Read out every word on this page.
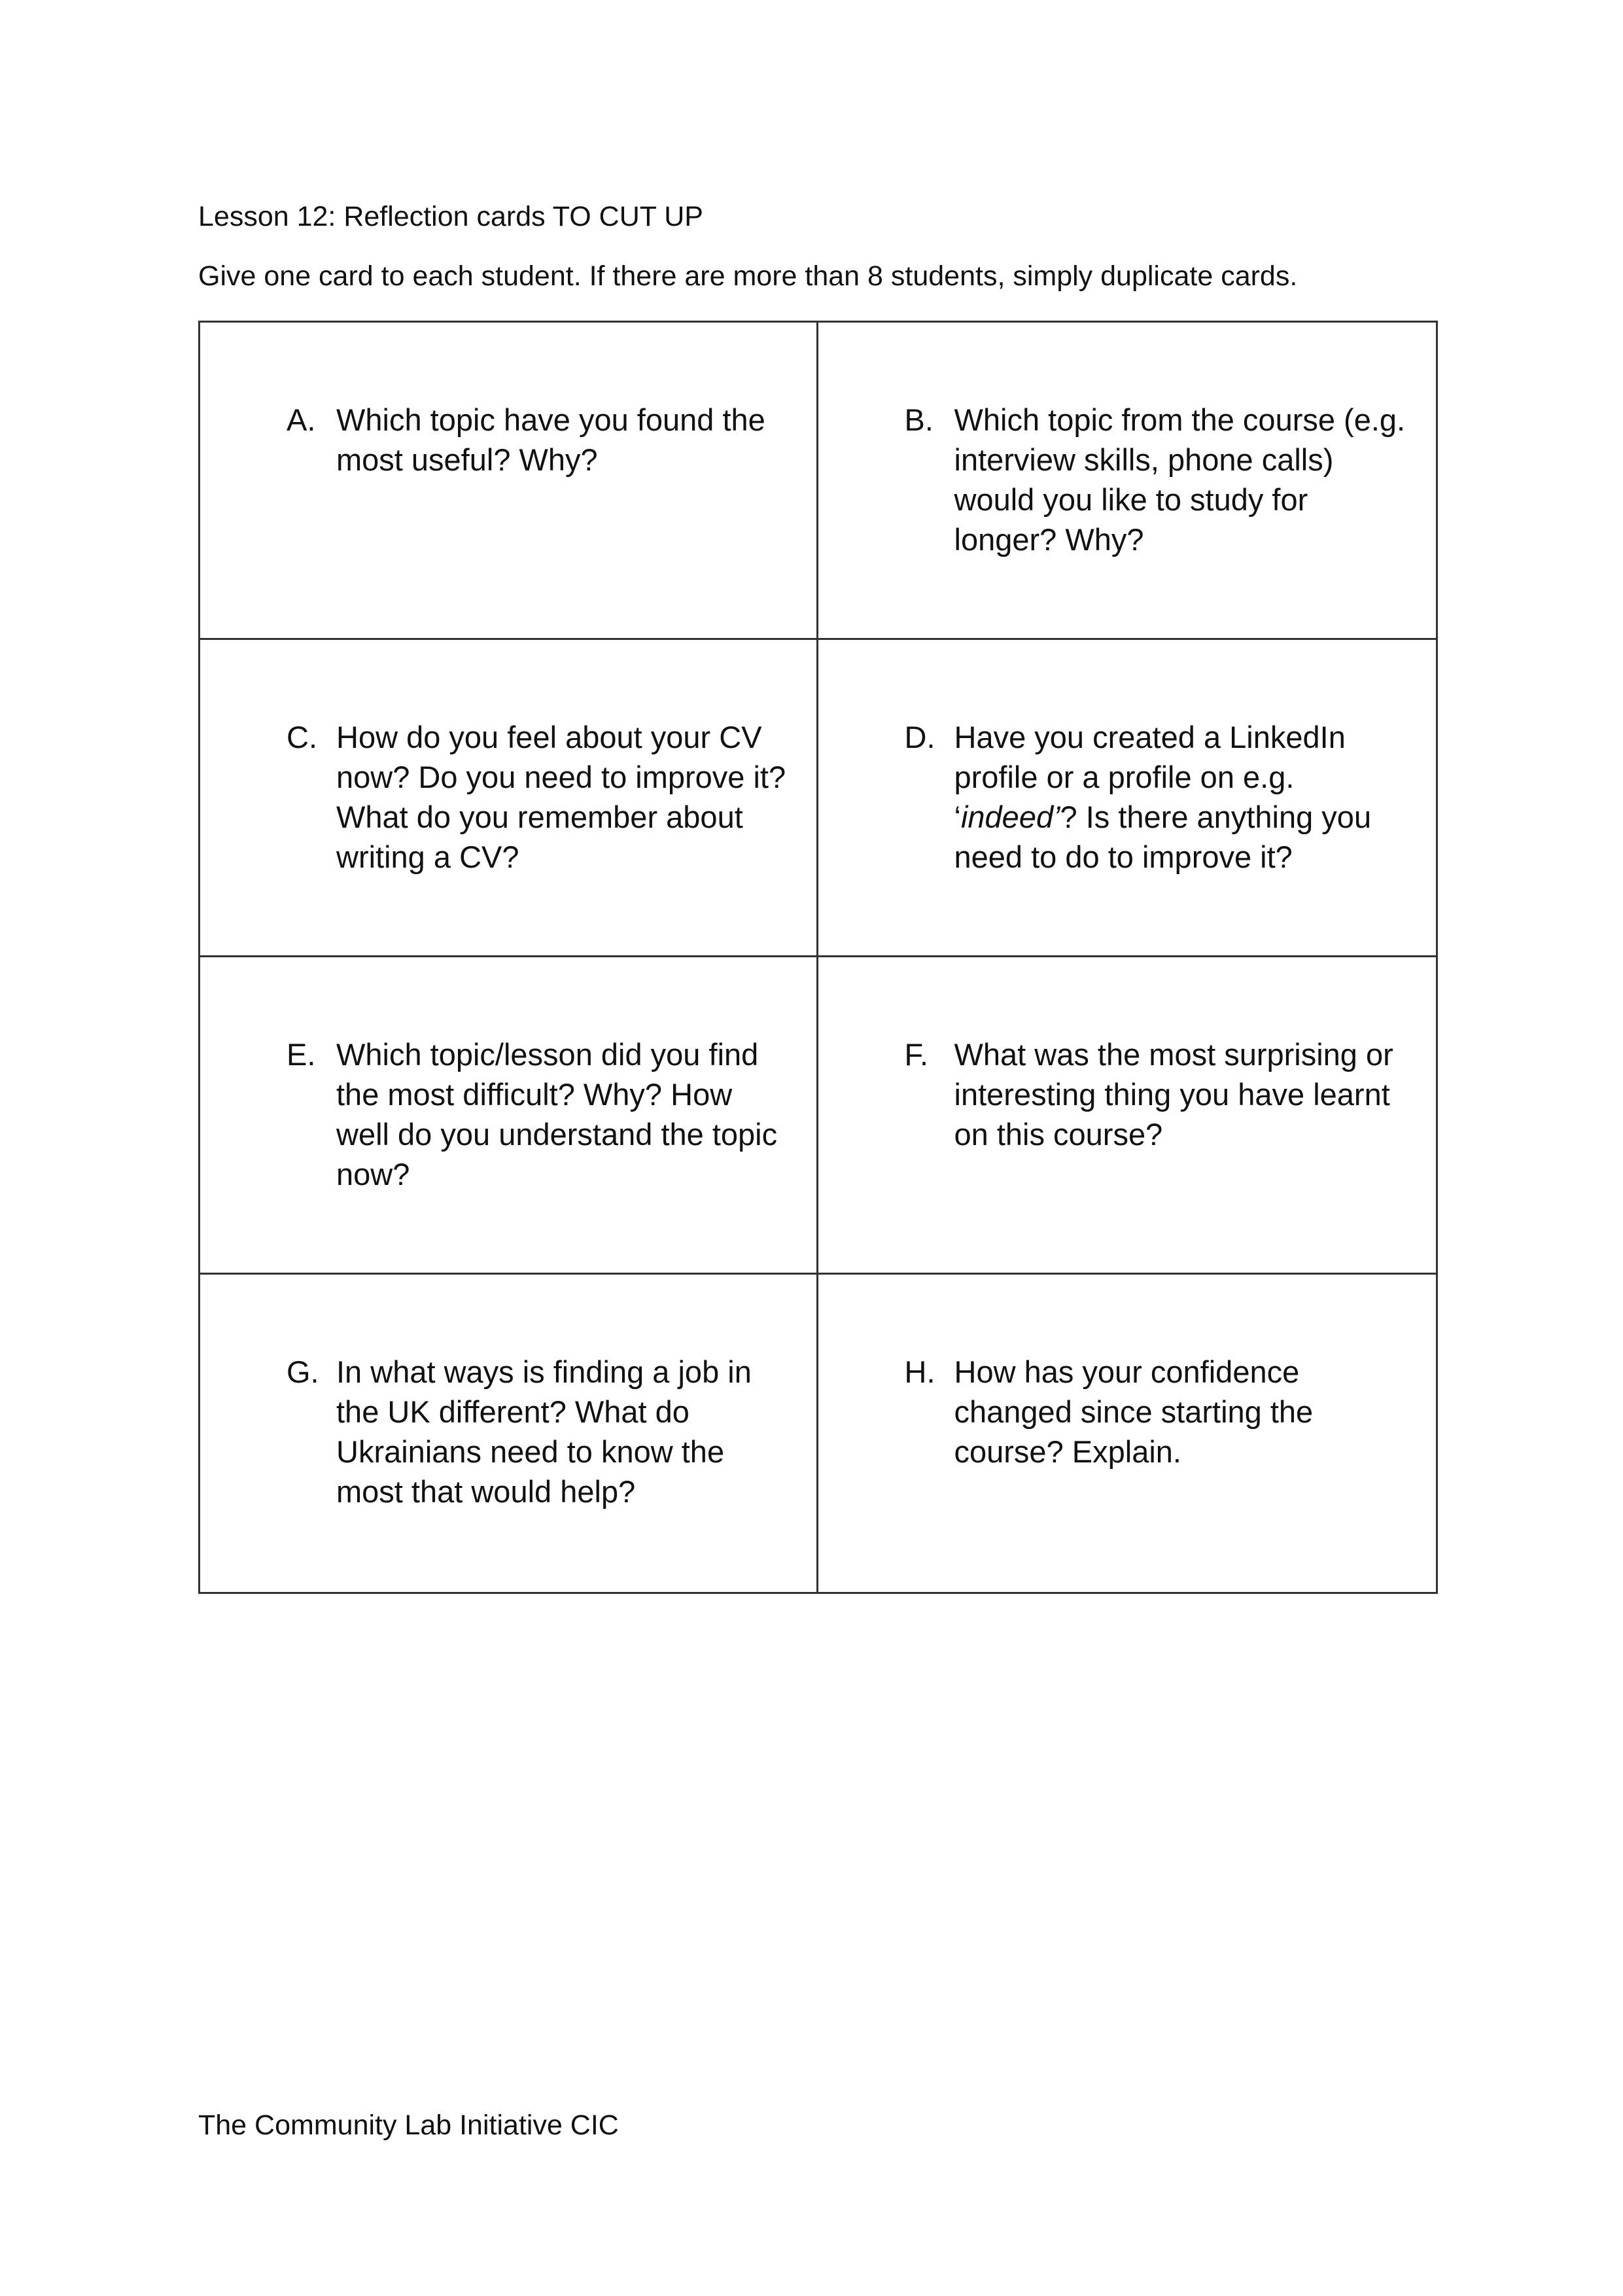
Lesson 12: Reflection cards TO CUT UP
Give one card to each student. If there are more than 8 students, simply duplicate cards.
A. Which topic have you found the most useful? Why?
B. Which topic from the course (e.g. interview skills, phone calls) would you like to study for longer? Why?
C. How do you feel about your CV now? Do you need to improve it? What do you remember about writing a CV?
D. Have you created a LinkedIn profile or a profile on e.g. ‘indeed’? Is there anything you need to do to improve it?
E. Which topic/lesson did you find the most difficult? Why? How well do you understand the topic now?
F. What was the most surprising or interesting thing you have learnt on this course?
G. In what ways is finding a job in the UK different? What do Ukrainians need to know the most that would help?
H. How has your confidence changed since starting the course? Explain.
The Community Lab Initiative CIC
